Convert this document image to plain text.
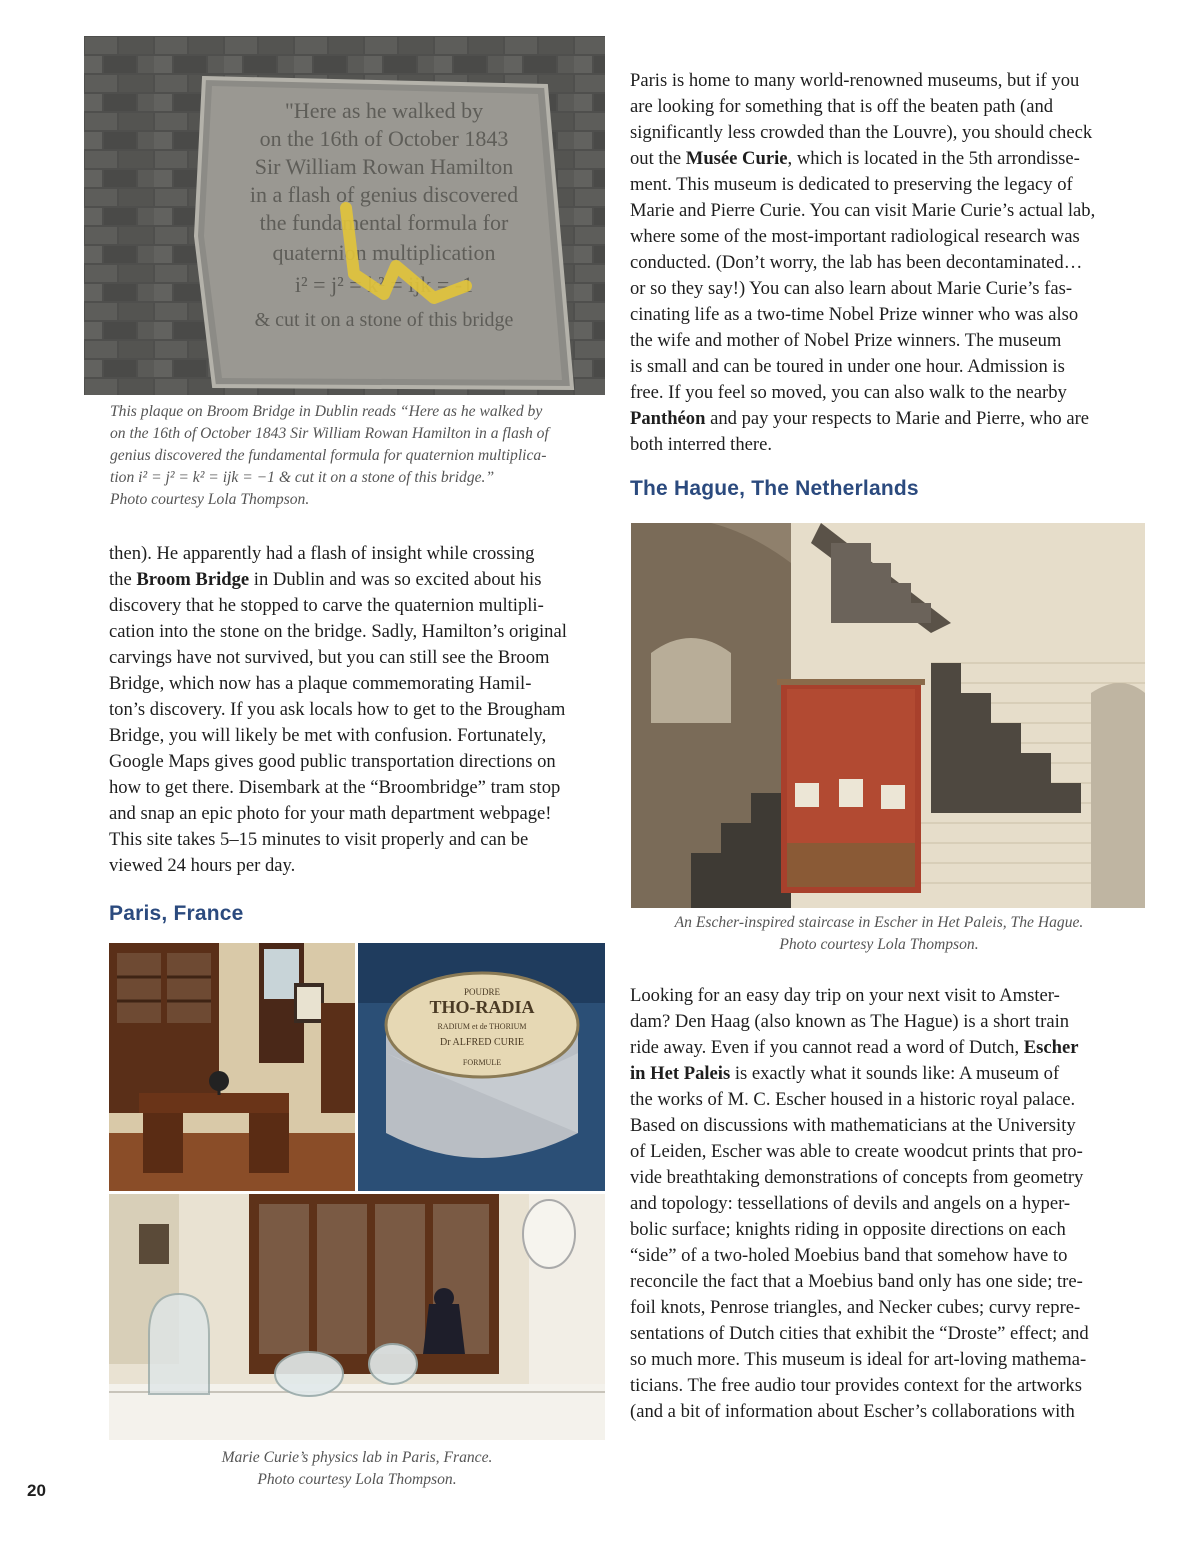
"Here as he walked by
on the 16th of October 1843
Sir William Rowan Hamilton
in a flash of genius discovered
the fundamental formula for
quaternion multiplication
i² = j² = k² = ijk = -1
& cut it on a stone of this bridge
This plaque on Broom Bridge in Dublin reads “Here as he walked by
on the 16th of October 1843 Sir William Rowan Hamilton in a flash of
genius discovered the fundamental formula for quaternion multiplica-
tion i² = j² = k² = ijk = −1 & cut it on a stone of this bridge.”
Photo courtesy Lola Thompson.
then). He apparently had a flash of insight while crossing
the Broom Bridge in Dublin and was so excited about his
discovery that he stopped to carve the quaternion multipli-
cation into the stone on the bridge. Sadly, Hamilton’s original
carvings have not survived, but you can still see the Broom
Bridge, which now has a plaque commemorating Hamil-
ton’s discovery. If you ask locals how to get to the Brougham
Bridge, you will likely be met with confusion. Fortunately,
Google Maps gives good public transportation directions on
how to get there. Disembark at the “Broombridge” tram stop
and snap an epic photo for your math department webpage!
This site takes 5–15 minutes to visit properly and can be
viewed 24 hours per day.
Paris, France
POUDRE
THO-RADIA
RADIUM et de THORIUM
Dr ALFRED CURIE
FORMULE
Marie Curie’s physics lab in Paris, France.
Photo courtesy Lola Thompson.
20
Paris is home to many world-renowned museums, but if you
are looking for something that is off the beaten path (and
significantly less crowded than the Louvre), you should check
out the Musée Curie, which is located in the 5th arrondisse-
ment. This museum is dedicated to preserving the legacy of
Marie and Pierre Curie. You can visit Marie Curie’s actual lab,
where some of the most-important radiological research was
conducted. (Don’t worry, the lab has been decontaminated…
or so they say!) You can also learn about Marie Curie’s fas-
cinating life as a two-time Nobel Prize winner who was also
the wife and mother of Nobel Prize winners. The museum
is small and can be toured in under one hour. Admission is
free. If you feel so moved, you can also walk to the nearby
Panthéon and pay your respects to Marie and Pierre, who are
both interred there.
The Hague, The Netherlands
An Escher-inspired staircase in Escher in Het Paleis, The Hague.
Photo courtesy Lola Thompson.
Looking for an easy day trip on your next visit to Amster-
dam? Den Haag (also known as The Hague) is a short train
ride away. Even if you cannot read a word of Dutch, Escher
in Het Paleis is exactly what it sounds like: A museum of
the works of M. C. Escher housed in a historic royal palace.
Based on discussions with mathematicians at the University
of Leiden, Escher was able to create woodcut prints that pro-
vide breathtaking demonstrations of concepts from geometry
and topology: tessellations of devils and angels on a hyper-
bolic surface; knights riding in opposite directions on each
“side” of a two-holed Moebius band that somehow have to
reconcile the fact that a Moebius band only has one side; tre-
foil knots, Penrose triangles, and Necker cubes; curvy repre-
sentations of Dutch cities that exhibit the “Droste” effect; and
so much more. This museum is ideal for art-loving mathema-
ticians. The free audio tour provides context for the artworks
(and a bit of information about Escher’s collaborations with
